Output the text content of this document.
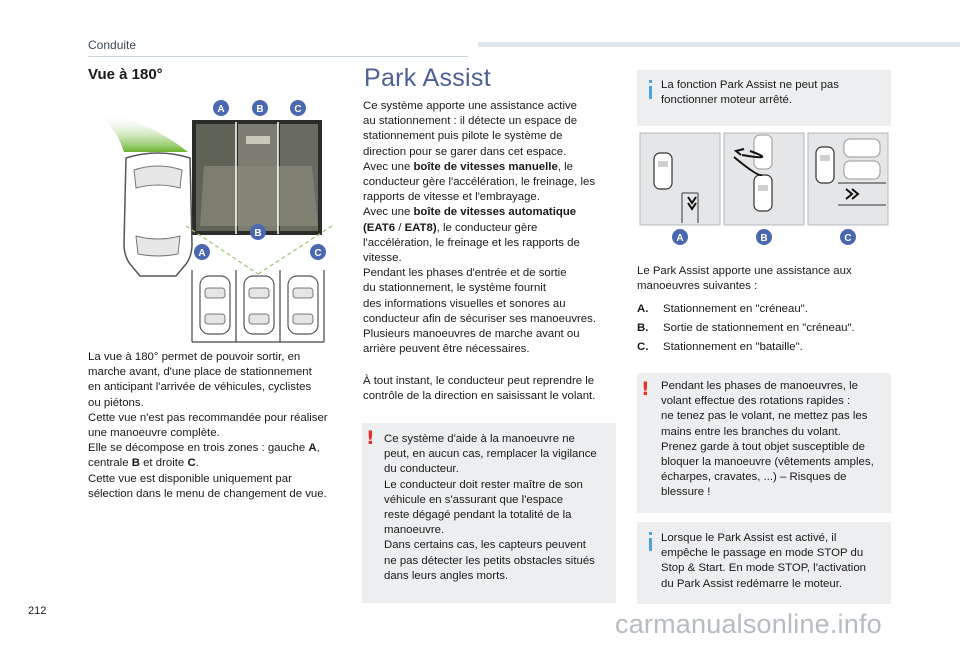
Conduite
Vue à 180°
A	B	C
B
A	C
La vue à 180° permet de pouvoir sortir, en
marche avant, d'une place de stationnement
en anticipant l'arrivée de véhicules, cyclistes
ou piétons.
Cette vue n'est pas recommandée pour réaliser
une manoeuvre complète.
Elle se décompose en trois zones : gauche A,
centrale B et droite C.
Cette vue est disponible uniquement par
sélection dans le menu de changement de vue.
Park Assist
Ce système apporte une assistance active
au stationnement : il détecte un espace de
stationnement puis pilote le système de
direction pour se garer dans cet espace.
Avec une boîte de vitesses manuelle, le
conducteur gère l'accélération, le freinage, les
rapports de vitesse et l'embrayage.
Avec une boîte de vitesses automatique
(EAT6 / EAT8), le conducteur gère
l'accélération, le freinage et les rapports de
vitesse.
Pendant les phases d'entrée et de sortie
du stationnement, le système fournit
des informations visuelles et sonores au
conducteur afin de sécuriser ses manoeuvres.
Plusieurs manoeuvres de marche avant ou
arrière peuvent être nécessaires.
À tout instant, le conducteur peut reprendre le
contrôle de la direction en saisissant le volant.
! Ce système d'aide à la manoeuvre ne
peut, en aucun cas, remplacer la vigilance
du conducteur.
Le conducteur doit rester maître de son
véhicule en s'assurant que l'espace
reste dégagé pendant la totalité de la
manoeuvre.
Dans certains cas, les capteurs peuvent
ne pas détecter les petits obstacles situés
dans leurs angles morts.
La fonction Park Assist ne peut pas
fonctionner moteur arrêté.
A	B	C
Le Park Assist apporte une assistance aux
manoeuvres suivantes :
A. Stationnement en "créneau".
B. Sortie de stationnement en "créneau".
C. Stationnement en "bataille".
! Pendant les phases de manoeuvres, le
volant effectue des rotations rapides :
ne tenez pas le volant, ne mettez pas les
mains entre les branches du volant.
Prenez garde à tout objet susceptible de
bloquer la manoeuvre (vêtements amples,
écharpes, cravates, ...) – Risques de
blessure !
Lorsque le Park Assist est activé, il
empêche le passage en mode STOP du
Stop & Start. En mode STOP, l'activation
du Park Assist redémarre le moteur.
212	carmanualsonline.info
